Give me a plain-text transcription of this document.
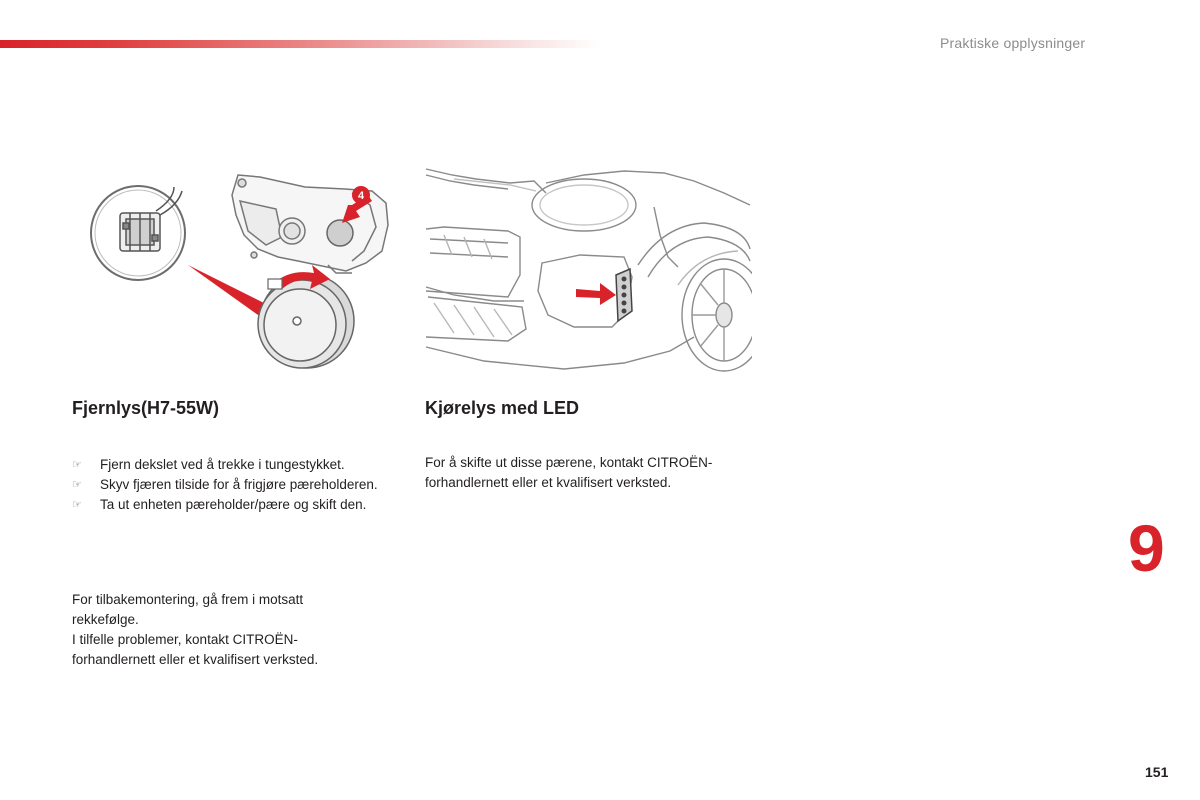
Praktiske opplysninger
4
Fjernlys(H7-55W)	Kjørelys med LED
☞	Fjern dekslet ved å trekke i tungestykket.
☞	Skyv fjæren tilside for å frigjøre pæreholderen.
☞	Ta ut enheten pæreholder/pære og skift den.

For å skifte ut disse pærene, kontakt CITROËN-forhandlernett eller et kvalifisert verksted.

For tilbakemontering, gå frem i motsatt rekkefølge.
I tilfelle problemer, kontakt CITROËN-forhandlernett eller et kvalifisert verksted.
9
151
